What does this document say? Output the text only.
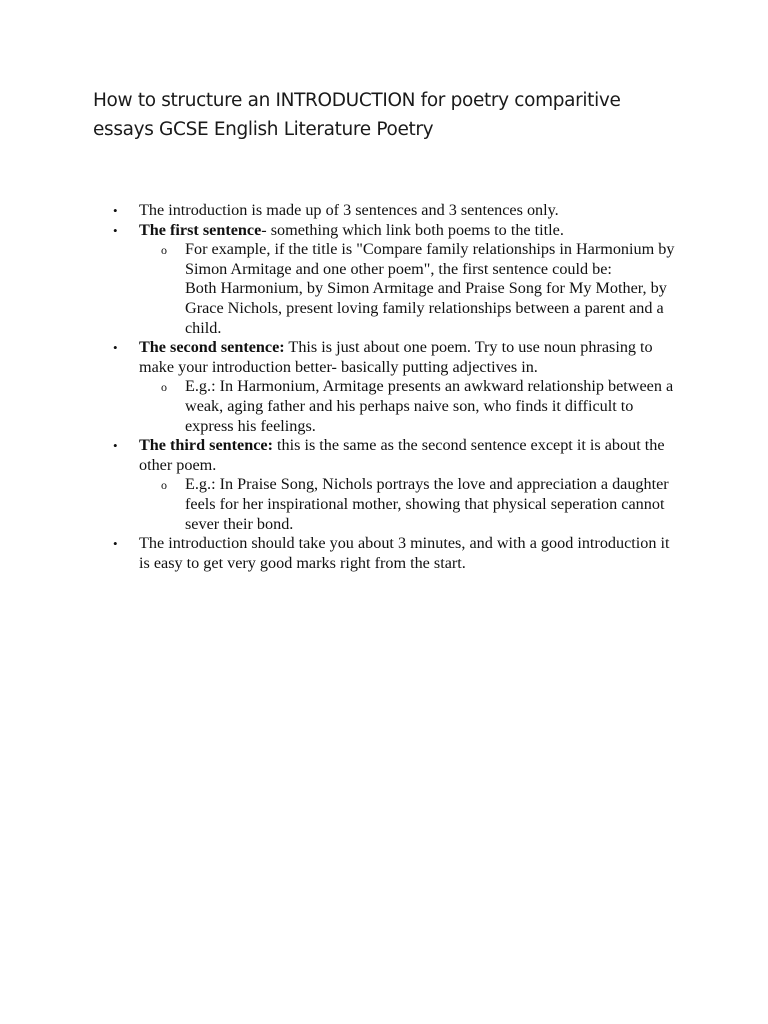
How to structure an INTRODUCTION for poetry comparitive
essays GCSE English Literature Poetry
•	The introduction is made up of 3 sentences and 3 sentences only.
•	The first sentence- something which link both poems to the title.
o For example, if the title is "Compare family relationships in Harmonium by Simon Armitage and one other poem", the first sentence could be:
Both Harmonium, by Simon Armitage and Praise Song for My Mother, by Grace Nichols, present loving family relationships between a parent and a child.
•	The second sentence: This is just about one poem. Try to use noun phrasing to make your introduction better- basically putting adjectives in.
o E.g.: In Harmonium, Armitage presents an awkward relationship between a weak, aging father and his perhaps naive son, who finds it difficult to express his feelings.
•	The third sentence: this is the same as the second sentence except it is about the other poem.
o E.g.: In Praise Song, Nichols portrays the love and appreciation a daughter feels for her inspirational mother, showing that physical seperation cannot sever their bond.
•	The introduction should take you about 3 minutes, and with a good introduction it is easy to get very good marks right from the start.
